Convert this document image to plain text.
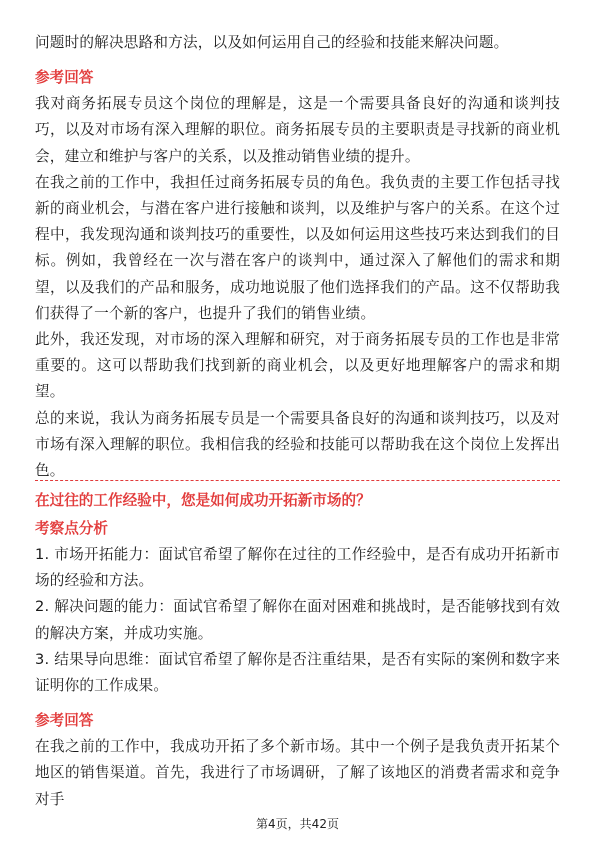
问题时的解决思路和方法，以及如何运用自己的经验和技能来解决问题。

参考回答

我对商务拓展专员这个岗位的理解是，这是一个需要具备良好的沟通和谈判技巧，以及对市场有深入理解的职位。商务拓展专员的主要职责是寻找新的商业机会，建立和维护与客户的关系，以及推动销售业绩的提升。

在我之前的工作中，我担任过商务拓展专员的角色。我负责的主要工作包括寻找新的商业机会，与潜在客户进行接触和谈判，以及维护与客户的关系。在这个过程中，我发现沟通和谈判技巧的重要性，以及如何运用这些技巧来达到我们的目标。例如，我曾经在一次与潜在客户的谈判中，通过深入了解他们的需求和期望，以及我们的产品和服务，成功地说服了他们选择我们的产品。这不仅帮助我们获得了一个新的客户，也提升了我们的销售业绩。

此外，我还发现，对市场的深入理解和研究，对于商务拓展专员的工作也是非常重要的。这可以帮助我们找到新的商业机会，以及更好地理解客户的需求和期望。

总的来说，我认为商务拓展专员是一个需要具备良好的沟通和谈判技巧，以及对市场有深入理解的职位。我相信我的经验和技能可以帮助我在这个岗位上发挥出色。

在过往的工作经验中，您是如何成功开拓新市场的？

考察点分析

1. 市场开拓能力：面试官希望了解你在过往的工作经验中，是否有成功开拓新市场的经验和方法。

2. 解决问题的能力：面试官希望了解你在面对困难和挑战时，是否能够找到有效的解决方案，并成功实施。

3. 结果导向思维：面试官希望了解你是否注重结果，是否有实际的案例和数字来证明你的工作成果。

参考回答

在我之前的工作中，我成功开拓了多个新市场。其中一个例子是我负责开拓某个地区的销售渠道。首先，我进行了市场调研，了解了该地区的消费者需求和竞争对手

第4页，共42页
